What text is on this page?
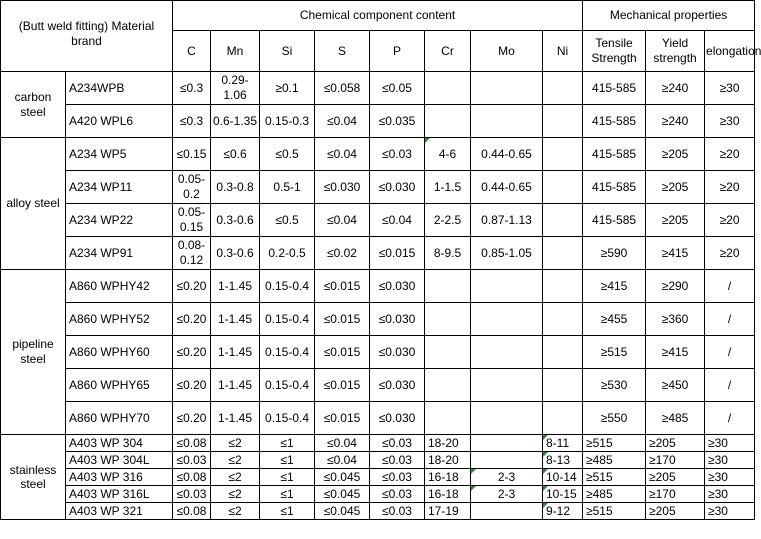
(Butt weld fitting) Material brand		Chemical component content								Mechanical properties		
		C	Mn	Si	S	P	Cr	Mo	Ni	Tensile Strength	Yield strength	elongation
carbon steel	A234WPB	≤0.3	0.29-1.06	≥0.1	≤0.058	≤0.05				415-585	≥240	≥30
	A420 WPL6	≤0.3	0.6-1.35	0.15-0.3	≤0.04	≤0.035				415-585	≥240	≥30
alloy steel	A234 WP5	≤0.15	≤0.6	≤0.5	≤0.04	≤0.03	4-6	0.44-0.65		415-585	≥205	≥20
	A234 WP11	0.05-0.2	0.3-0.8	0.5-1	≤0.030	≤0.030	1-1.5	0.44-0.65		415-585	≥205	≥20
	A234 WP22	0.05-0.15	0.3-0.6	≤0.5	≤0.04	≤0.04	2-2.5	0.87-1.13		415-585	≥205	≥20
	A234 WP91	0.08-0.12	0.3-0.6	0.2-0.5	≤0.02	≤0.015	8-9.5	0.85-1.05		≥590	≥415	≥20
pipeline steel	A860 WPHY42	≤0.20	1-1.45	0.15-0.4	≤0.015	≤0.030				≥415	≥290	/
	A860 WPHY52	≤0.20	1-1.45	0.15-0.4	≤0.015	≤0.030				≥455	≥360	/
	A860 WPHY60	≤0.20	1-1.45	0.15-0.4	≤0.015	≤0.030				≥515	≥415	/
	A860 WPHY65	≤0.20	1-1.45	0.15-0.4	≤0.015	≤0.030				≥530	≥450	/
	A860 WPHY70	≤0.20	1-1.45	0.15-0.4	≤0.015	≤0.030				≥550	≥485	/
stainless steel	A403 WP 304	≤0.08	≤2	≤1	≤0.04	≤0.03	18-20		8-11	≥515	≥205	≥30
	A403 WP 304L	≤0.03	≤2	≤1	≤0.04	≤0.03	18-20		8-13	≥485	≥170	≥30
	A403 WP 316	≤0.08	≤2	≤1	≤0.045	≤0.03	16-18	2-3	10-14	≥515	≥205	≥30
	A403 WP 316L	≤0.03	≤2	≤1	≤0.045	≤0.03	16-18	2-3	10-15	≥485	≥170	≥30
	A403 WP 321	≤0.08	≤2	≤1	≤0.045	≤0.03	17-19		9-12	≥515	≥205	≥30
